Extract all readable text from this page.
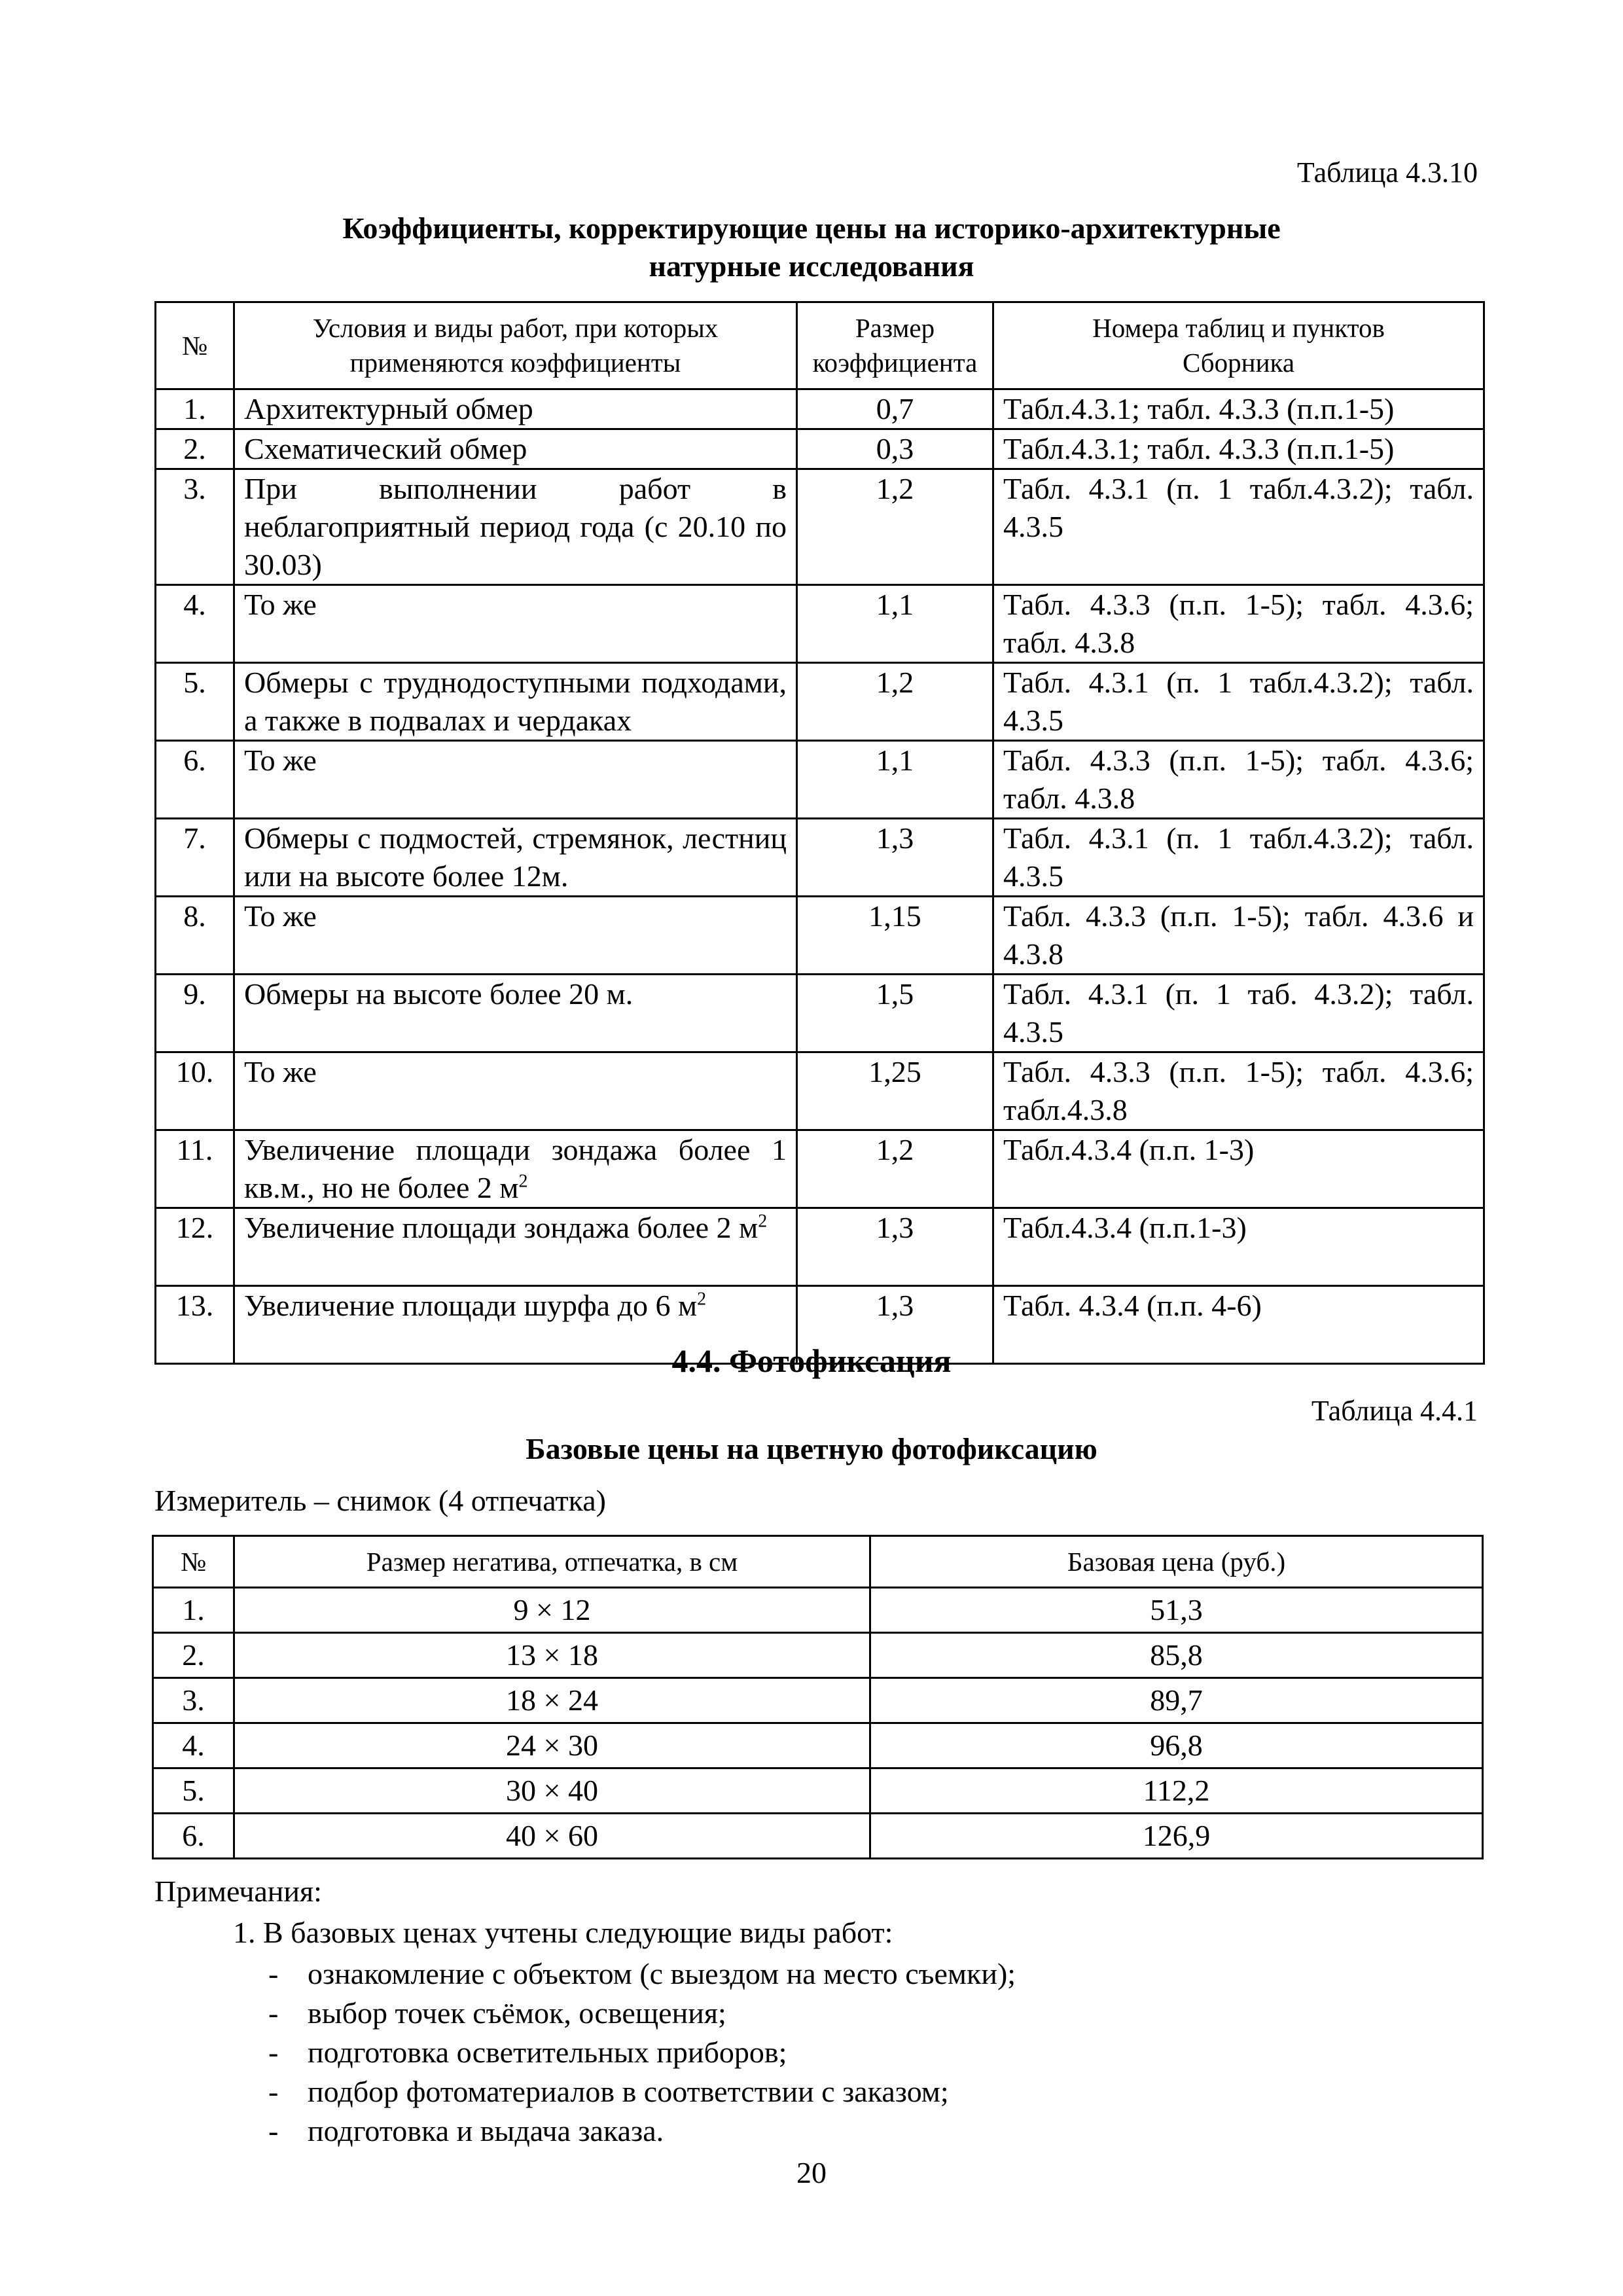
Таблица 4.3.10
Коэффициенты, корректирующие цены на историко-архитектурные
натурные исследования
№	Условия и виды работ, при которых применяются коэффициенты	Размер коэффициента	Номера таблиц и пунктов Сборника
1.	Архитектурный обмер	0,7	Табл.4.3.1; табл. 4.3.3 (п.п.1-5)
2.	Схематический обмер	0,3	Табл.4.3.1; табл. 4.3.3 (п.п.1-5)
3.	При выполнении работ в неблагоприятный период года (с 20.10 по 30.03)	1,2	Табл. 4.3.1 (п. 1 табл.4.3.2); табл. 4.3.5
4.	То же	1,1	Табл. 4.3.3 (п.п. 1-5); табл. 4.3.6; табл. 4.3.8
5.	Обмеры с труднодоступными подходами, а также в подвалах и чердаках	1,2	Табл. 4.3.1 (п. 1 табл.4.3.2); табл. 4.3.5
6.	То же	1,1	Табл. 4.3.3 (п.п. 1-5); табл. 4.3.6; табл. 4.3.8
7.	Обмеры с подмостей, стремянок, лестниц или на высоте более 12м.	1,3	Табл. 4.3.1 (п. 1 табл.4.3.2); табл. 4.3.5
8.	То же	1,15	Табл. 4.3.3 (п.п. 1-5); табл. 4.3.6 и 4.3.8
9.	Обмеры на высоте более 20 м.	1,5	Табл. 4.3.1 (п. 1 таб. 4.3.2); табл. 4.3.5
10.	То же	1,25	Табл. 4.3.3 (п.п. 1-5); табл. 4.3.6; табл.4.3.8
11.	Увеличение площади зондажа более 1 кв.м., но не более 2 $м^2$	1,2	Табл.4.3.4 (п.п. 1-3)
12.	Увеличение площади зондажа более 2 $м^2$	1,3	Табл.4.3.4 (п.п.1-3)
13.	Увеличение площади шурфа до 6 $м^2$	1,3	Табл. 4.3.4 (п.п. 4-6)
4.4. Фотофиксация
Таблица 4.4.1
Базовые цены на цветную фотофиксацию
Измеритель – снимок (4 отпечатка)
№	Размер негатива, отпечатка, в см	Базовая цена (руб.)
1.	9 × 12	51,3
2.	13 × 18	85,8
3.	18 × 24	89,7
4.	24 × 30	96,8
5.	30 × 40	112,2
6.	40 × 60	126,9
Примечания:
1. В базовых ценах учтены следующие виды работ:
- ознакомление с объектом (с выездом на место съемки);
- выбор точек съёмок, освещения;
- подготовка осветительных приборов;
- подбор фотоматериалов в соответствии с заказом;
- подготовка и выдача заказа.
20
